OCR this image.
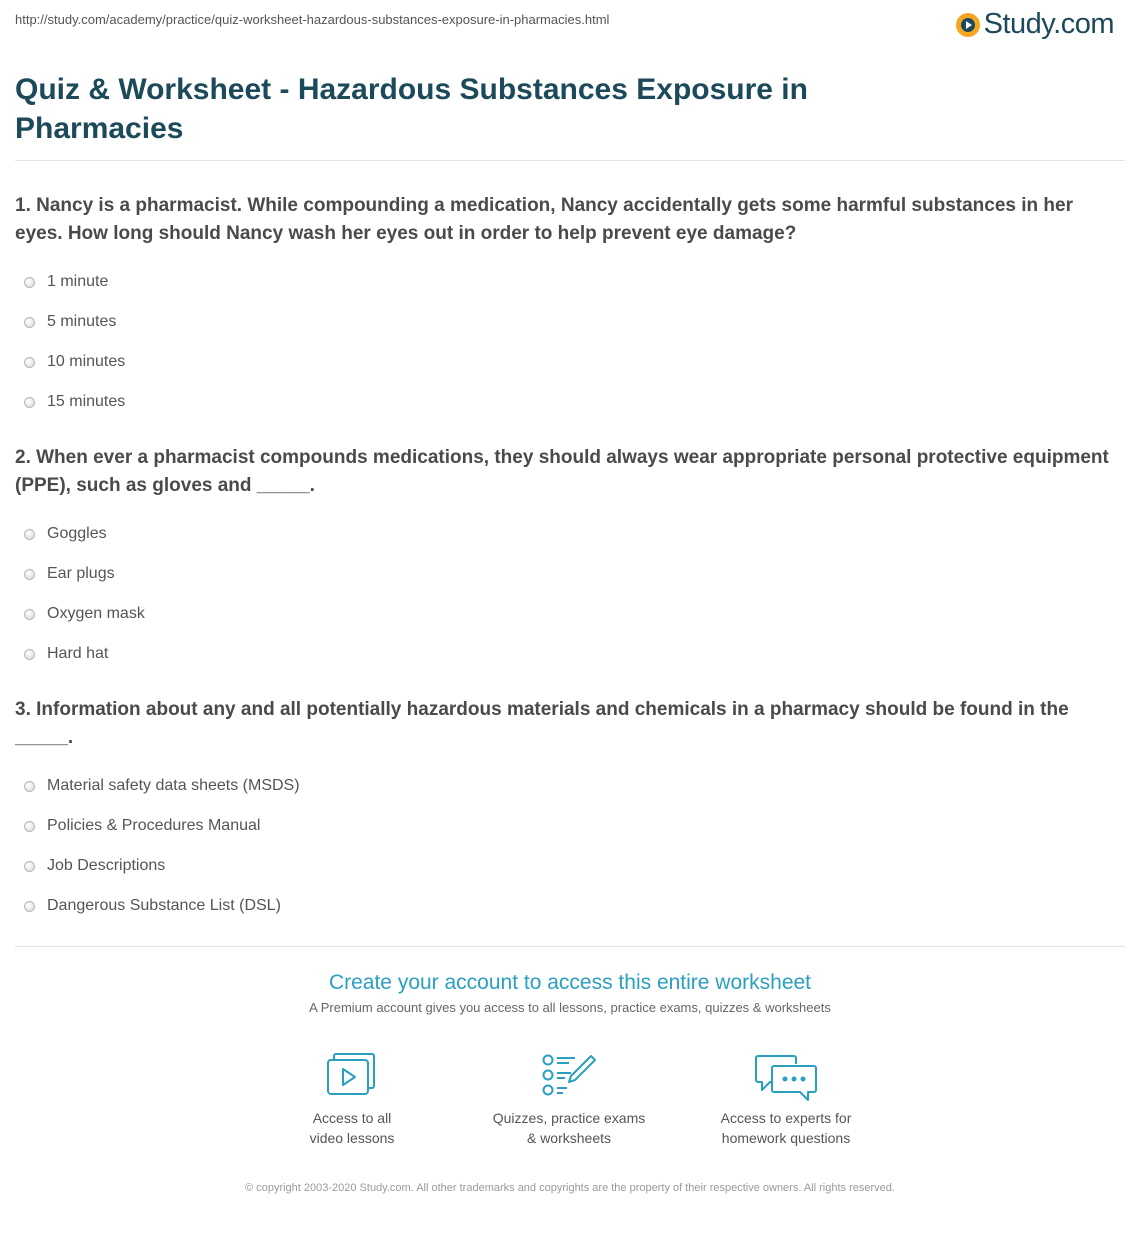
http://study.com/academy/practice/quiz-worksheet-hazardous-substances-exposure-in-pharmacies.html	Study.com
Quiz & Worksheet - Hazardous Substances Exposure in Pharmacies
1. Nancy is a pharmacist. While compounding a medication, Nancy accidentally gets some harmful substances in her eyes. How long should Nancy wash her eyes out in order to help prevent eye damage?
1 minute
5 minutes
10 minutes
15 minutes
2. When ever a pharmacist compounds medications, they should always wear appropriate personal protective equipment (PPE), such as gloves and _____.
Goggles
Ear plugs
Oxygen mask
Hard hat
3. Information about any and all potentially hazardous materials and chemicals in a pharmacy should be found in the _____.
Material safety data sheets (MSDS)
Policies & Procedures Manual
Job Descriptions
Dangerous Substance List (DSL)
Create your account to access this entire worksheet
A Premium account gives you access to all lessons, practice exams, quizzes & worksheets
Access to all
video lessons
Quizzes, practice exams
& worksheets
Access to experts for
homework questions
© copyright 2003-2020 Study.com. All other trademarks and copyrights are the property of their respective owners. All rights reserved.
